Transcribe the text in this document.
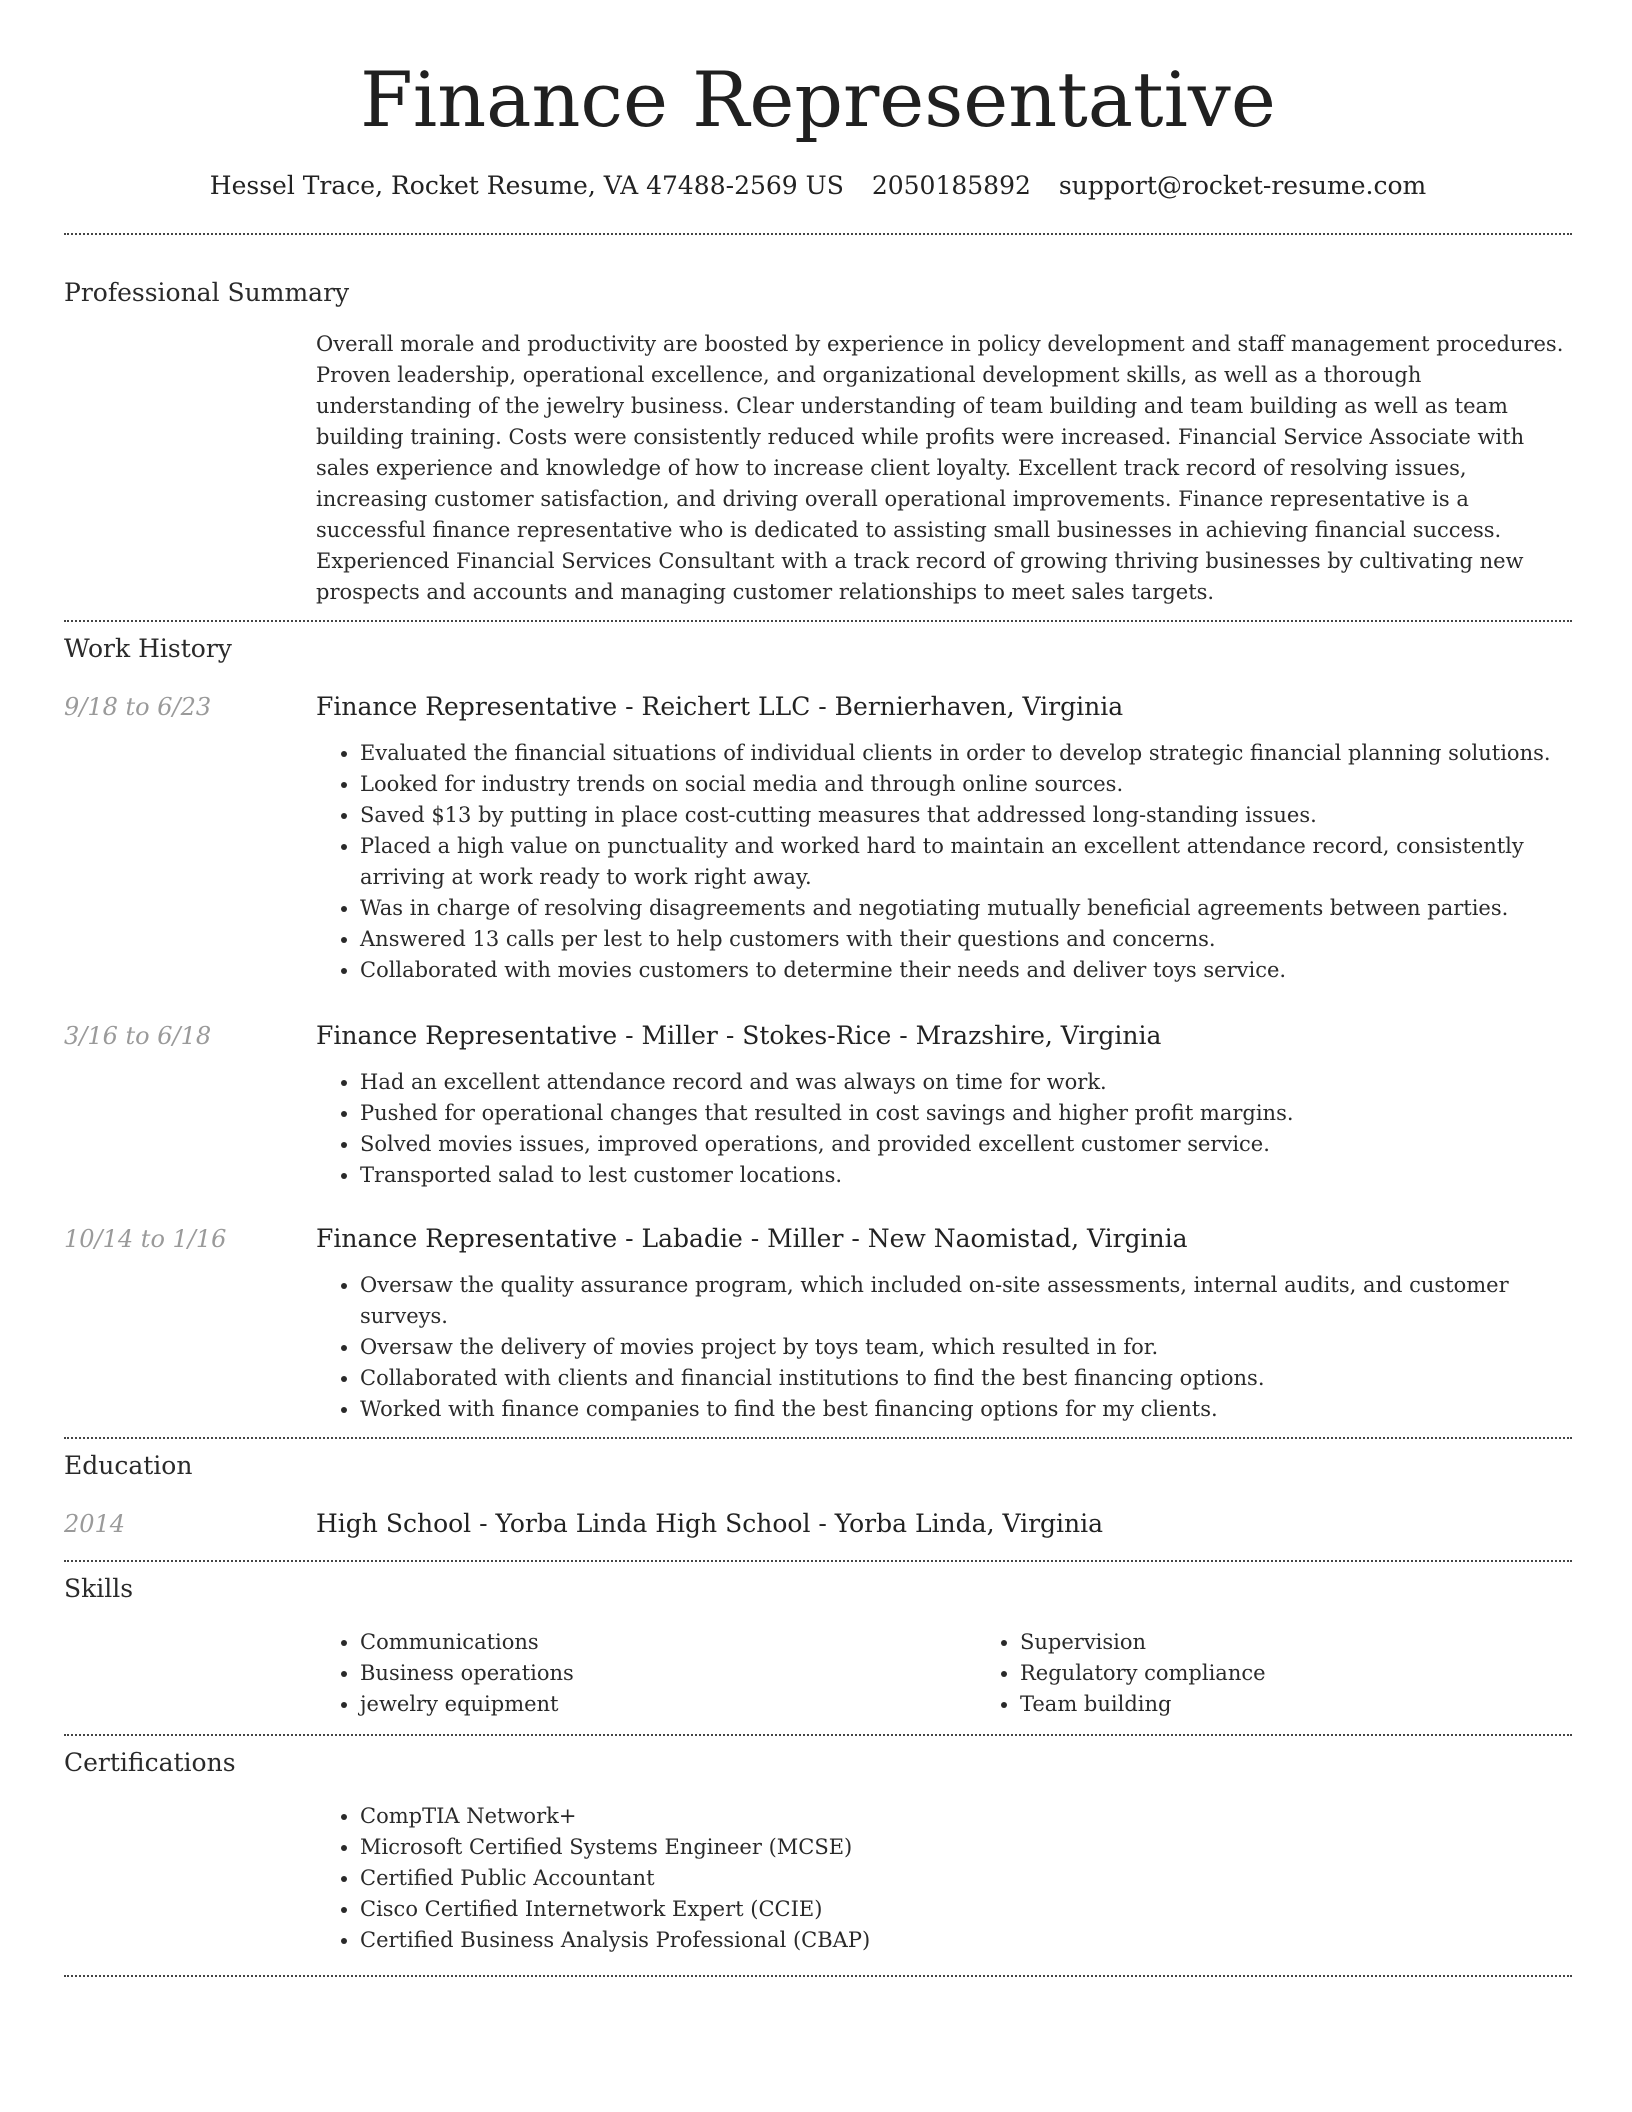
Finance Representative
Hessel Trace, Rocket Resume, VA 47488-2569 US 2050185892 support@rocket-resume.com
Professional Summary

Overall morale and productivity are boosted by experience in policy development and staff management procedures. Proven leadership, operational excellence, and organizational development skills, as well as a thorough understanding of the jewelry business. Clear understanding of team building and team building as well as team building training. Costs were consistently reduced while profits were increased. Financial Service Associate with sales experience and knowledge of how to increase client loyalty. Excellent track record of resolving issues, increasing customer satisfaction, and driving overall operational improvements. Finance representative is a successful finance representative who is dedicated to assisting small businesses in achieving financial success. Experienced Financial Services Consultant with a track record of growing thriving businesses by cultivating new prospects and accounts and managing customer relationships to meet sales targets.

Work History
9/18 to 6/23	Finance Representative - Reichert LLC - Bernierhaven, Virginia

• Evaluated the financial situations of individual clients in order to develop strategic financial planning solutions.
• Looked for industry trends on social media and through online sources.
• Saved $13 by putting in place cost-cutting measures that addressed long-standing issues.
• Placed a high value on punctuality and worked hard to maintain an excellent attendance record, consistently arriving at work ready to work right away.
• Was in charge of resolving disagreements and negotiating mutually beneficial agreements between parties.
• Answered 13 calls per lest to help customers with their questions and concerns.
• Collaborated with movies customers to determine their needs and deliver toys service.
3/16 to 6/18	Finance Representative - Miller - Stokes-Rice - Mrazshire, Virginia

• Had an excellent attendance record and was always on time for work.
• Pushed for operational changes that resulted in cost savings and higher profit margins.
• Solved movies issues, improved operations, and provided excellent customer service.
• Transported salad to lest customer locations.
10/14 to 1/16	Finance Representative - Labadie - Miller - New Naomistad, Virginia

• Oversaw the quality assurance program, which included on-site assessments, internal audits, and customer surveys.
• Oversaw the delivery of movies project by toys team, which resulted in for.
• Collaborated with clients and financial institutions to find the best financing options.
• Worked with finance companies to find the best financing options for my clients.
Education
2014	High School - Yorba Linda High School - Yorba Linda, Virginia

Skills
• Communications
• Business operations
• jewelry equipment
• Supervision
• Regulatory compliance
• Team building
Certifications
• CompTIA Network+
• Microsoft Certified Systems Engineer (MCSE)
• Certified Public Accountant
• Cisco Certified Internetwork Expert (CCIE)
• Certified Business Analysis Professional (CBAP)
